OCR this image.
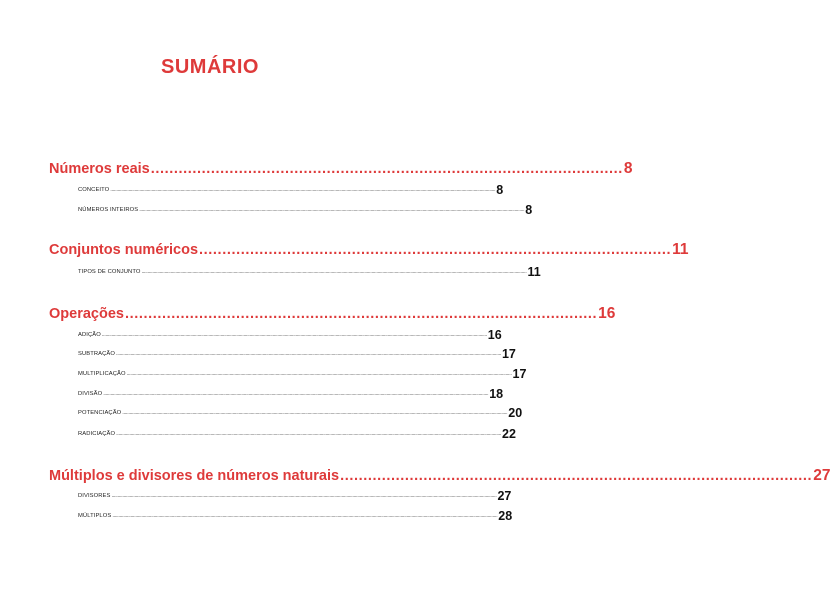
SUMÁRIO
Números reais ...................................................................................................... 8
CONCEITO .............................................................................................................................................................................................................................................................................................................................. 8
NÚMEROS INTEIROS .............................................................................................................................................................................................................................................................................................................................. 8
Conjuntos numéricos ...................................................................................................... 11
TIPOS DE CONJUNTO .............................................................................................................................................................................................................................................................................................................................. 11
Operações ...................................................................................................... 16
ADIÇÃO .............................................................................................................................................................................................................................................................................................................................. 16
SUBTRAÇÃO .............................................................................................................................................................................................................................................................................................................................. 17
MULTIPLICAÇÃO .............................................................................................................................................................................................................................................................................................................................. 17
DIVISÃO .............................................................................................................................................................................................................................................................................................................................. 18
POTENCIAÇÃO .............................................................................................................................................................................................................................................................................................................................. 20
RADICIAÇÃO .............................................................................................................................................................................................................................................................................................................................. 22
Múltiplos e divisores de números naturais ...................................................................................................... 27
DIVISORES .............................................................................................................................................................................................................................................................................................................................. 27
MÚLTIPLOS .............................................................................................................................................................................................................................................................................................................................. 28
